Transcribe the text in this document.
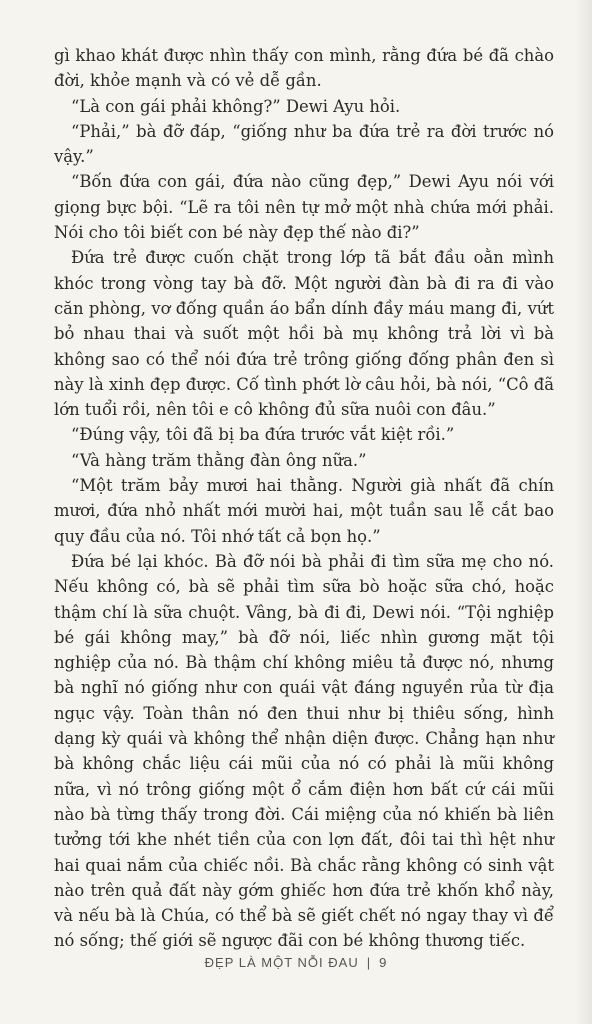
gì khao khát được nhìn thấy con mình, rằng đứa bé đã chào đời, khỏe mạnh và có vẻ dễ gần.

“Là con gái phải không?” Dewi Ayu hỏi.

“Phải,” bà đỡ đáp, “giống như ba đứa trẻ ra đời trước nó vậy.”

“Bốn đứa con gái, đứa nào cũng đẹp,” Dewi Ayu nói với giọng bực bội. “Lẽ ra tôi nên tự mở một nhà chứa mới phải. Nói cho tôi biết con bé này đẹp thế nào đi?”

Đứa trẻ được cuốn chặt trong lớp tã bắt đầu oằn mình khóc trong vòng tay bà đỡ. Một người đàn bà đi ra đi vào căn phòng, vơ đống quần áo bẩn dính đầy máu mang đi, vứt bỏ nhau thai và suốt một hồi bà mụ không trả lời vì bà không sao có thể nói đứa trẻ trông giống đống phân đen sì này là xinh đẹp được. Cố tình phớt lờ câu hỏi, bà nói, “Cô đã lớn tuổi rồi, nên tôi e cô không đủ sữa nuôi con đâu.”

“Đúng vậy, tôi đã bị ba đứa trước vắt kiệt rồi.”

“Và hàng trăm thằng đàn ông nữa.”

“Một trăm bảy mươi hai thằng. Người già nhất đã chín mươi, đứa nhỏ nhất mới mười hai, một tuần sau lễ cắt bao quy đầu của nó. Tôi nhớ tất cả bọn họ.”

Đứa bé lại khóc. Bà đỡ nói bà phải đi tìm sữa mẹ cho nó. Nếu không có, bà sẽ phải tìm sữa bò hoặc sữa chó, hoặc thậm chí là sữa chuột. Vâng, bà đi đi, Dewi nói. “Tội nghiệp bé gái không may,” bà đỡ nói, liếc nhìn gương mặt tội nghiệp của nó. Bà thậm chí không miêu tả được nó, nhưng bà nghĩ nó giống như con quái vật đáng nguyền rủa từ địa ngục vậy. Toàn thân nó đen thui như bị thiêu sống, hình dạng kỳ quái và không thể nhận diện được. Chẳng hạn như bà không chắc liệu cái mũi của nó có phải là mũi không nữa, vì nó trông giống một ổ cắm điện hơn bất cứ cái mũi nào bà từng thấy trong đời. Cái miệng của nó khiến bà liên tưởng tới khe nhét tiền của con lợn đất, đôi tai thì hệt như hai quai nắm của chiếc nồi. Bà chắc rằng không có sinh vật nào trên quả đất này gớm ghiếc hơn đứa trẻ khốn khổ này, và nếu bà là Chúa, có thể bà sẽ giết chết nó ngay thay vì để nó sống; thế giới sẽ ngược đãi con bé không thương tiếc.

ĐẸP LÀ MỘT NỖI ĐAU | 9
